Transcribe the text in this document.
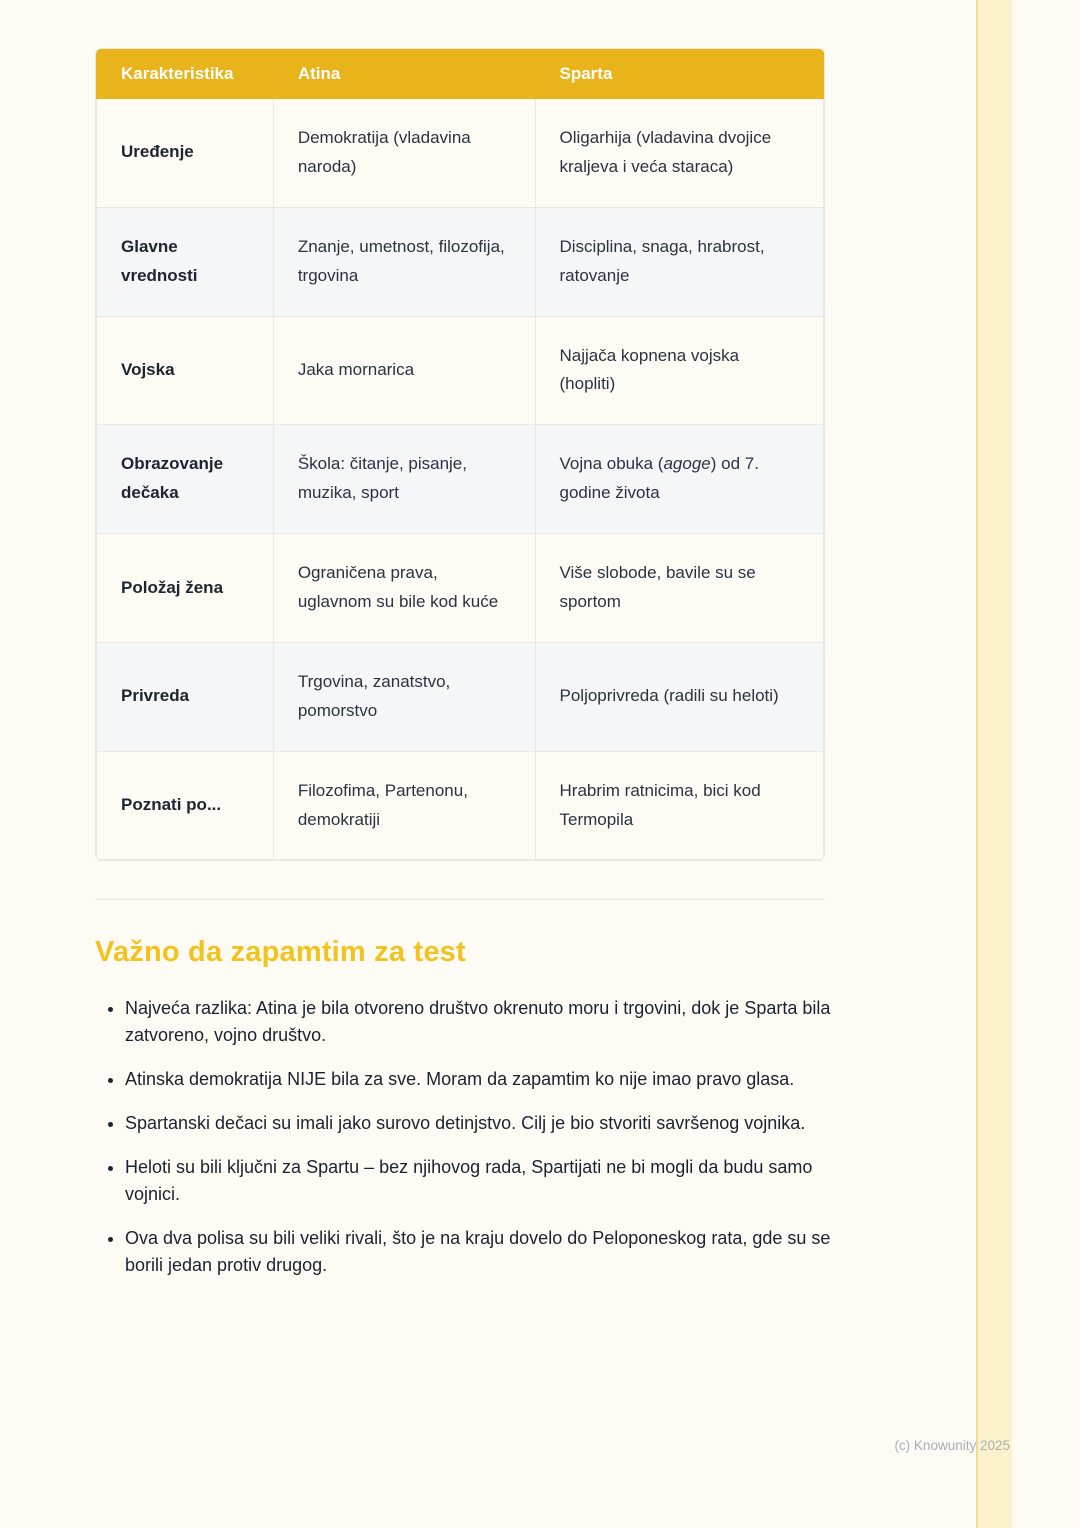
Karakteristika	Atina	Sparta
Uređenje	Demokratija (vladavina naroda)	Oligarhija (vladavina dvojice kraljeva i veća staraca)
Glavne vrednosti	Znanje, umetnost, filozofija, trgovina	Disciplina, snaga, hrabrost, ratovanje
Vojska	Jaka mornarica	Najjača kopnena vojska (hopliti)
Obrazovanje dečaka	Škola: čitanje, pisanje, muzika, sport	Vojna obuka (agoge) od 7. godine života
Položaj žena	Ograničena prava, uglavnom su bile kod kuće	Više slobode, bavile su se sportom
Privreda	Trgovina, zanatstvo, pomorstvo	Poljoprivreda (radili su heloti)
Poznati po...	Filozofima, Partenonu, demokratiji	Hrabrim ratnicima, bici kod Termopila
Važno da zapamtim za test
• Najveća razlika: Atina je bila otvoreno društvo okrenuto moru i trgovini, dok je Sparta bila zatvoreno, vojno društvo.
• Atinska demokratija NIJE bila za sve. Moram da zapamtim ko nije imao pravo glasa.
• Spartanski dečaci su imali jako surovo detinjstvo. Cilj je bio stvoriti savršenog vojnika.
• Heloti su bili ključni za Spartu – bez njihovog rada, Spartijati ne bi mogli da budu samo vojnici.
• Ova dva polisa su bili veliki rivali, što je na kraju dovelo do Peloponeskog rata, gde su se borili jedan protiv drugog.
(c) Knowunity 2025
